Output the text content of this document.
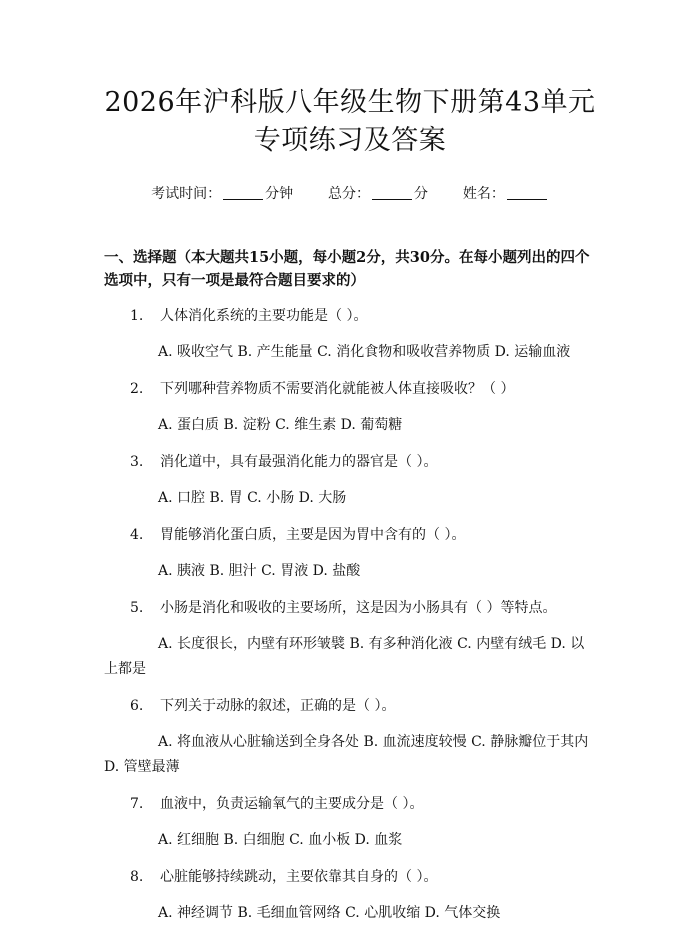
2026年沪科版八年级生物下册第43单元专项练习及答案
考试时间：	分钟 总分：	分 姓名：
一、选择题（本大题共15小题，每小题2分，共30分。在每小题列出的四个选项中，只有一项是最符合题目要求的）
1. 人体消化系统的主要功能是（ ）。
A. 吸收空气 B. 产生能量 C. 消化食物和吸收营养物质 D. 运输血液
2. 下列哪种营养物质不需要消化就能被人体直接吸收？（ ）
A. 蛋白质 B. 淀粉 C. 维生素 D. 葡萄糖
3. 消化道中，具有最强消化能力的器官是（ ）。
A. 口腔 B. 胃 C. 小肠 D. 大肠
4. 胃能够消化蛋白质，主要是因为胃中含有的（ ）。
A. 胰液 B. 胆汁 C. 胃液 D. 盐酸
5. 小肠是消化和吸收的主要场所，这是因为小肠具有（ ）等特点。
A. 长度很长，内壁有环形皱襞 B. 有多种消化液 C. 内壁有绒毛 D. 以上都是
6. 下列关于动脉的叙述，正确的是（ ）。
A. 将血液从心脏输送到全身各处 B. 血流速度较慢 C. 静脉瓣位于其内 D. 管壁最薄
7. 血液中，负责运输氧气的主要成分是（ ）。
A. 红细胞 B. 白细胞 C. 血小板 D. 血浆
8. 心脏能够持续跳动，主要依靠其自身的（ ）。
A. 神经调节 B. 毛细血管网络 C. 心肌收缩 D. 气体交换
